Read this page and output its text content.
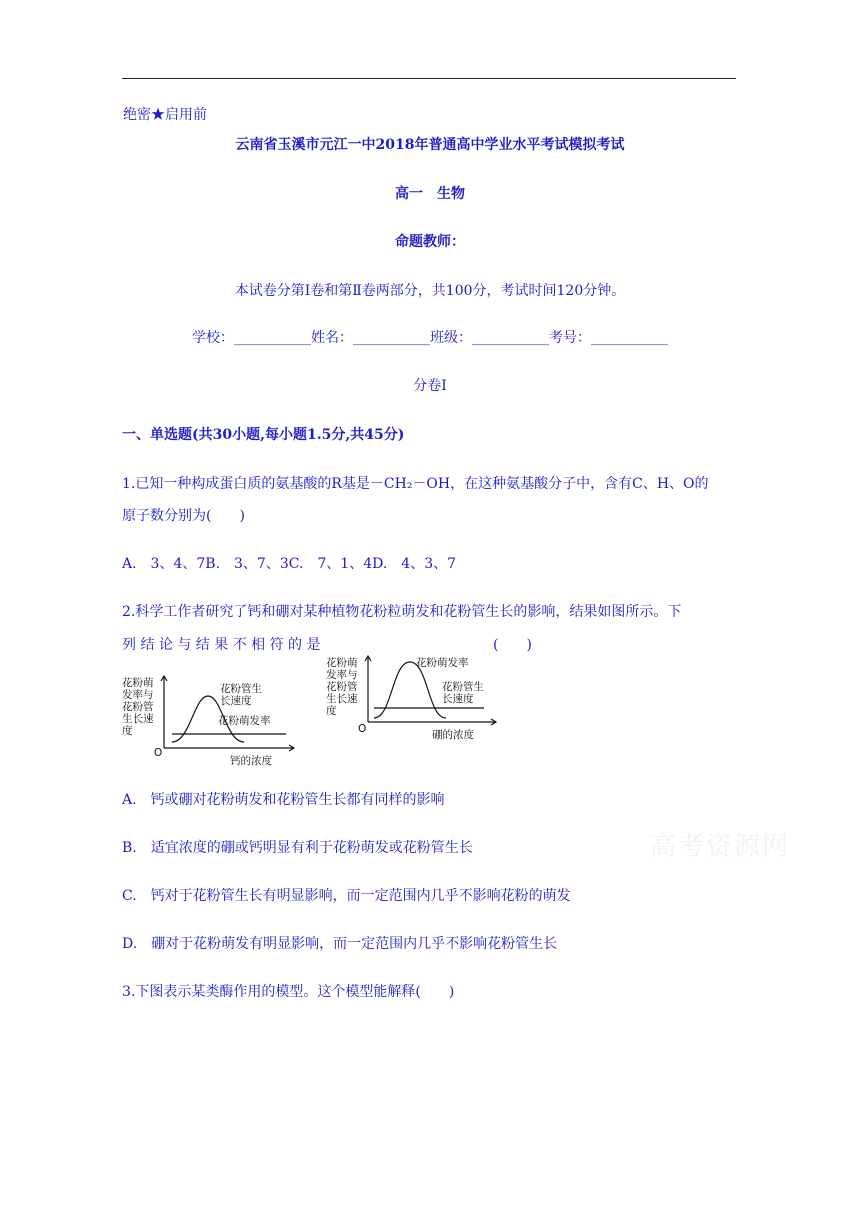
绝密★启用前
云南省玉溪市元江一中2018年普通高中学业水平考试模拟考试
高一　生物
命题教师：
本试卷分第Ⅰ卷和第Ⅱ卷两部分，共100分，考试时间120分钟。
学校：___________姓名：___________班级：___________考号：___________
分卷I
一、单选题(共30小题,每小题1.5分,共45分)
1.已知一种构成蛋白质的氨基酸的R基是－CH₂－OH，在这种氨基酸分子中，含有C、H、O的
原子数分别为(　　)
A.　3、4、7B.　3、7、3C.　7、1、4D.　4、3、7
2.科学工作者研究了钙和硼对某种植物花粉粒萌发和花粉管生长的影响，结果如图所示。下
列 结 论 与 结 果 不 相 符 的 是	(　　)
花粉萌
发率与
花粉管
生长速
度
O
钙的浓度
花粉管生
长速度
花粉萌发率
花粉萌
发率与
花粉管
生长速
度
O	硼的浓度
花粉萌发率
花粉管生
长速度
A.　钙或硼对花粉萌发和花粉管生长都有同样的影响
B.　适宜浓度的硼或钙明显有利于花粉萌发或花粉管生长
C.　钙对于花粉管生长有明显影响，而一定范围内几乎不影响花粉的萌发
D.　硼对于花粉萌发有明显影响，而一定范围内几乎不影响花粉管生长
3.下图表示某类酶作用的模型。这个模型能解释(　　)
高考资源网
